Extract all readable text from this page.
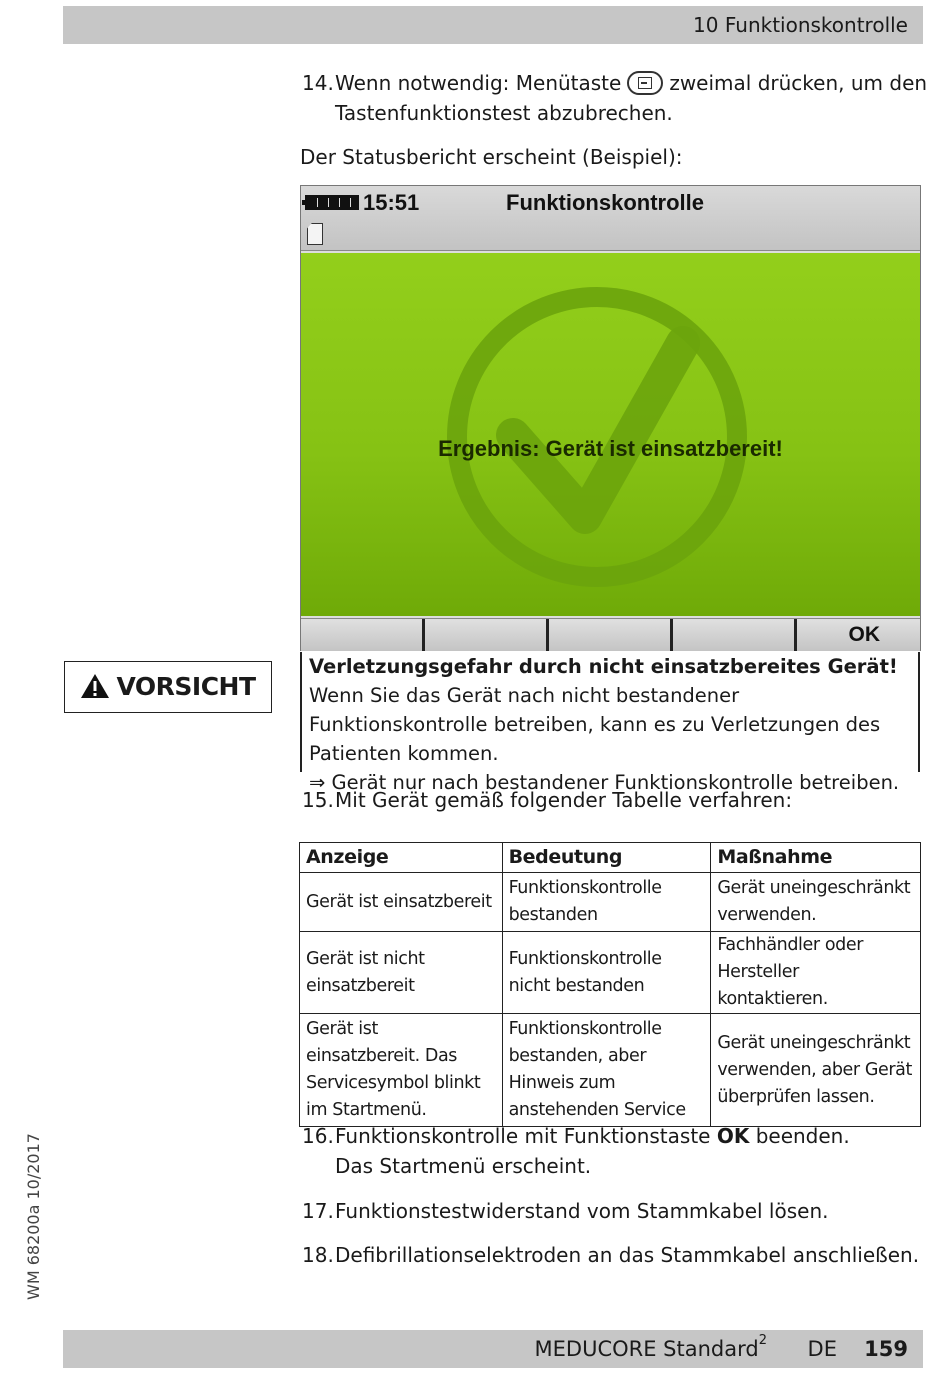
10 Funktionskontrolle
14.Wenn notwendig: Menütaste zweimal drücken, um den
Tastenfunktionstest abzubrechen.
Der Statusbericht erscheint (Beispiel):
15:51	Funktionskontrolle
Ergebnis: Gerät ist einsatzbereit!
OK
VORSICHT
Verletzungsgefahr durch nicht einsatzbereites Gerät!
Wenn Sie das Gerät nach nicht bestandener Funktionskontrolle betreiben, kann es zu Verletzungen des Patienten kommen.
⇒ Gerät nur nach bestandener Funktionskontrolle betreiben.
15.Mit Gerät gemäß folgender Tabelle verfahren:
Anzeige	Bedeutung	Maßnahme
Gerät ist einsatzbereit	Funktionskontrolle bestanden	Gerät uneingeschränkt verwenden.
Gerät ist nicht einsatzbereit	Funktionskontrolle nicht bestanden	Fachhändler oder Hersteller kontaktieren.
Gerät ist einsatzbereit. Das Servicesymbol blinkt im Startmenü.	Funktionskontrolle bestanden, aber Hinweis zum anstehenden Service	Gerät uneingeschränkt verwenden, aber Gerät überprüfen lassen.
16.Funktionskontrolle mit Funktionstaste OK beenden.
Das Startmenü erscheint.
17.Funktionstestwiderstand vom Stammkabel lösen.
18.Defibrillationselektroden an das Stammkabel anschließen.
WM 68200a 10/2017
MEDUCORE Standard$^2$ DE 159
